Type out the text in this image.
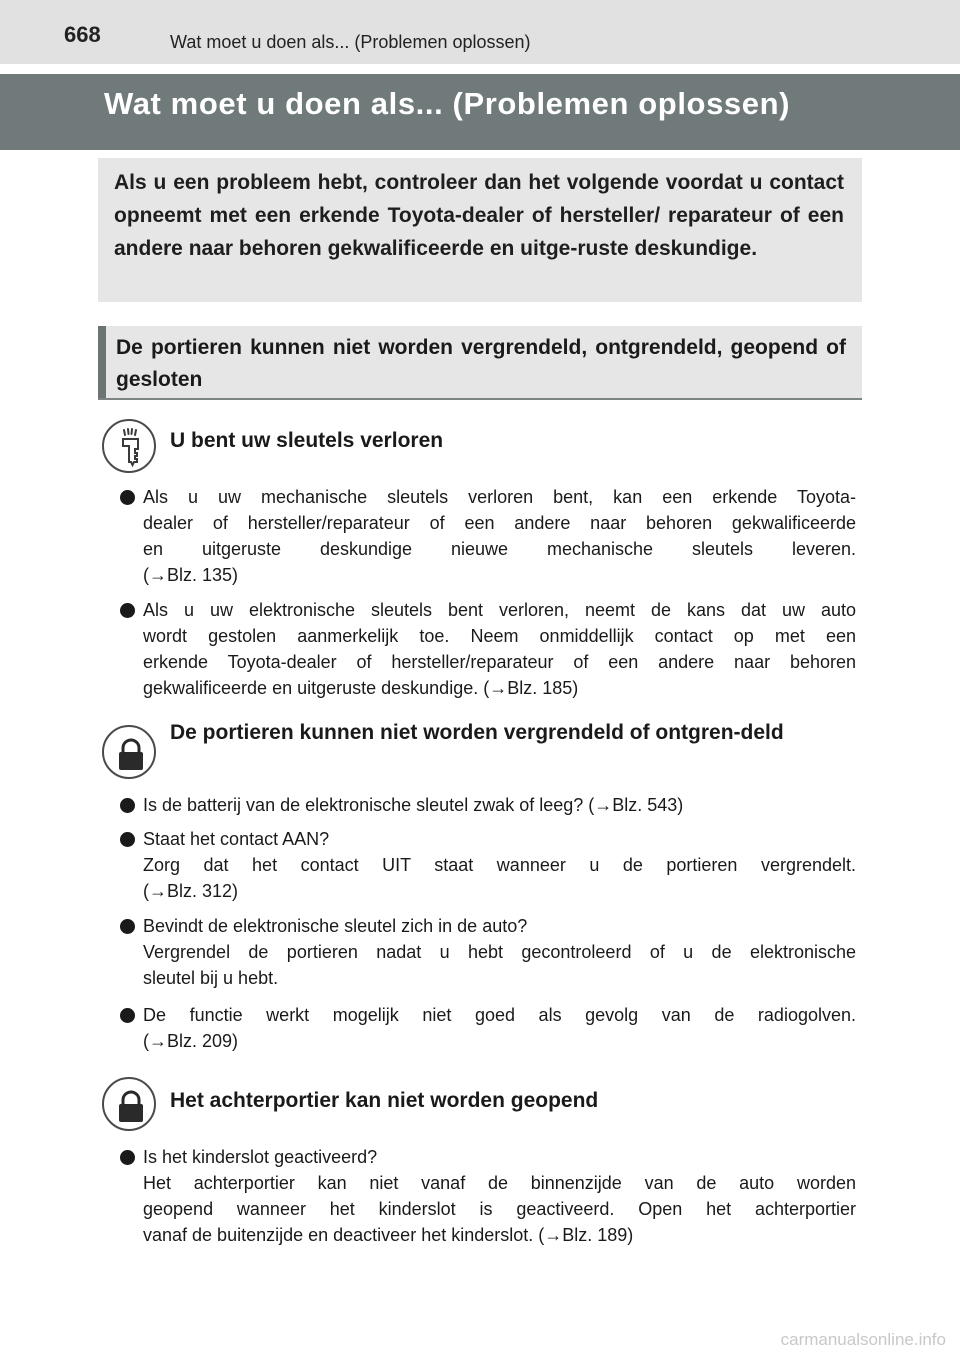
668	Wat moet u doen als... (Problemen oplossen)
Wat moet u doen als... (Problemen oplossen)
Als u een probleem hebt, controleer dan het volgende voordat u contact opneemt met een erkende Toyota-dealer of hersteller/ reparateur of een andere naar behoren gekwalificeerde en uitge-ruste deskundige.
De portieren kunnen niet worden vergrendeld, ontgrendeld, geopend of gesloten
U bent uw sleutels verloren
Als u uw mechanische sleutels verloren bent, kan een erkende Toyota-
dealer of hersteller/reparateur of een andere naar behoren gekwalificeerde
en uitgeruste deskundige nieuwe mechanische sleutels leveren.
(→Blz. 135)
Als u uw elektronische sleutels bent verloren, neemt de kans dat uw auto
wordt gestolen aanmerkelijk toe. Neem onmiddellijk contact op met een
erkende Toyota-dealer of hersteller/reparateur of een andere naar behoren
gekwalificeerde en uitgeruste deskundige. (→Blz. 185)
De portieren kunnen niet worden vergrendeld of ontgren-deld
Is de batterij van de elektronische sleutel zwak of leeg? (→Blz. 543)
Staat het contact AAN?
Zorg dat het contact UIT staat wanneer u de portieren vergrendelt.
(→Blz. 312)
Bevindt de elektronische sleutel zich in de auto?
Vergrendel de portieren nadat u hebt gecontroleerd of u de elektronische
sleutel bij u hebt.
De functie werkt mogelijk niet goed als gevolg van de radiogolven.
(→Blz. 209)
Het achterportier kan niet worden geopend
Is het kinderslot geactiveerd?
Het achterportier kan niet vanaf de binnenzijde van de auto worden
geopend wanneer het kinderslot is geactiveerd. Open het achterportier
vanaf de buitenzijde en deactiveer het kinderslot. (→Blz. 189)
carmanualsonline.info
